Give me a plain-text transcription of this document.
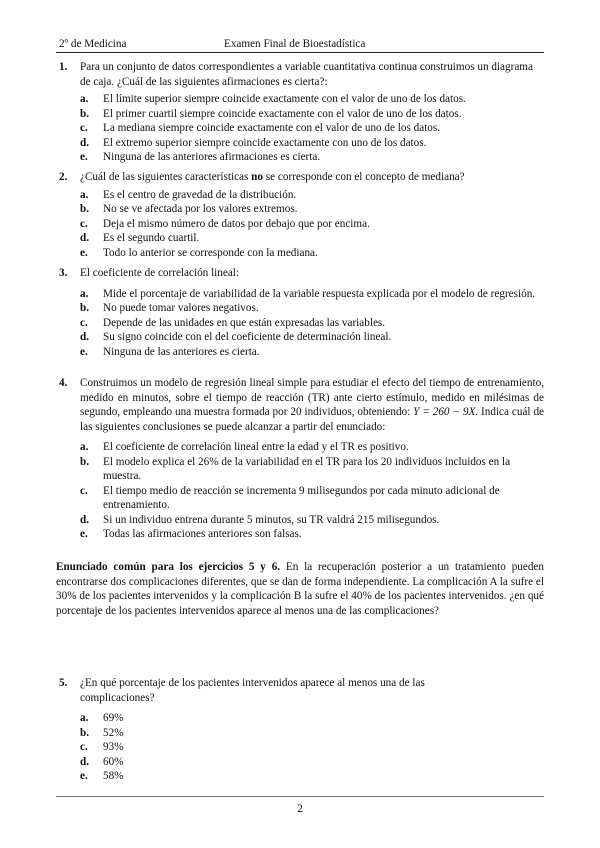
2º de Medicina	Examen Final de Bioestadística
1. Para un conjunto de datos correspondientes a variable cuantitativa continua construimos un diagrama de caja. ¿Cuál de las siguientes afirmaciones es cierta?:
a. El límite superior siempre coincide exactamente con el valor de uno de los datos.
b. El primer cuartil siempre coincide exactamente con el valor de uno de los datos.
c. La mediana siempre coincide exactamente con el valor de uno de los datos.
d. El extremo superior siempre coincide exactamente con uno de los datos.
e. Ninguna de las anteriores afirmaciones es cierta.
2. ¿Cuál de las siguientes características no se corresponde con el concepto de mediana?
a. Es el centro de gravedad de la distribución.
b. No se ve afectada por los valores extremos.
c. Deja el mismo número de datos por debajo que por encima.
d. Es el segundo cuartil.
e. Todo lo anterior se corresponde con la mediana.
3. El coeficiente de correlación lineal:
a. Mide el porcentaje de variabilidad de la variable respuesta explicada por el modelo de regresión.
b. No puede tomar valores negativos.
c. Depende de las unidades en que están expresadas las variables.
d. Su signo coincide con el del coeficiente de determinación lineal.
e. Ninguna de las anteriores es cierta.
4. Construimos un modelo de regresión lineal simple para estudiar el efecto del tiempo de entrenamiento, medido en minutos, sobre el tiempo de reacción (TR) ante cierto estímulo, medido en milésimas de segundo, empleando una muestra formada por 20 individuos, obteniendo: Y = 260 − 9X. Indica cuál de las siguientes conclusiones se puede alcanzar a partir del enunciado:
a. El coeficiente de correlación lineal entre la edad y el TR es positivo.
b. El modelo explica el 26% de la variabilidad en el TR para los 20 individuos incluidos en la muestra.
c. El tiempo medio de reacción se incrementa 9 milisegundos por cada minuto adicional de entrenamiento.
d. Si un individuo entrena durante 5 minutos, su TR valdrá 215 milisegundos.
e. Todas las afirmaciones anteriores son falsas.
Enunciado común para los ejercicios 5 y 6. En la recuperación posterior a un tratamiento pueden encontrarse dos complicaciones diferentes, que se dan de forma independiente. La complicación A la sufre el 30% de los pacientes intervenidos y la complicación B la sufre el 40% de los pacientes intervenidos. ¿en qué porcentaje de los pacientes intervenidos aparece al menos una de las complicaciones?
5. ¿En qué porcentaje de los pacientes intervenidos aparece al menos una de las complicaciones?
a. 69%
b. 52%
c. 93%
d. 60%
e. 58%
2
